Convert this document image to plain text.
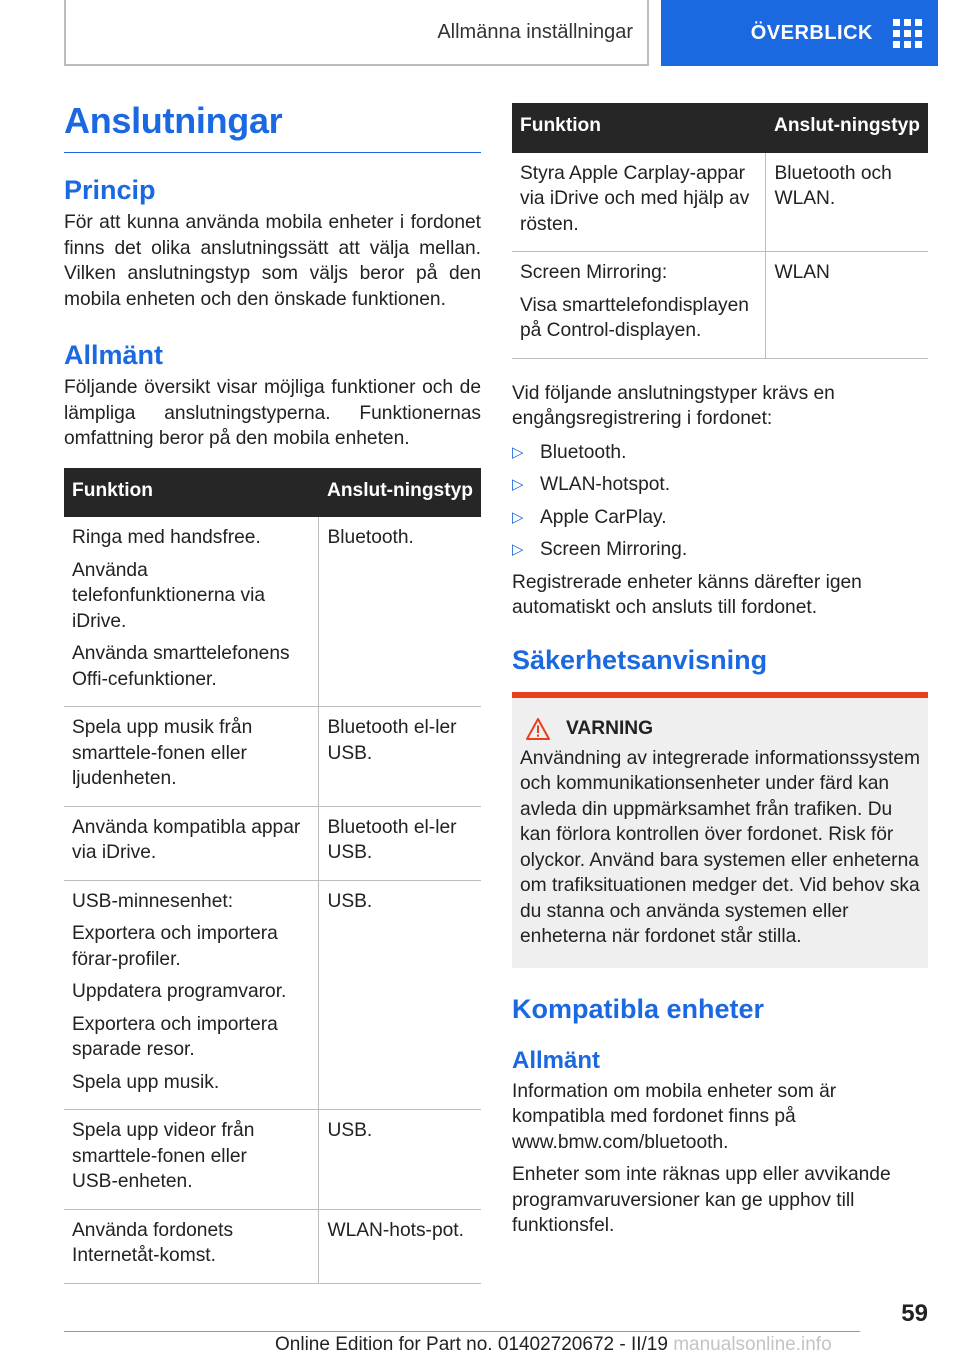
Allmänna inställningar	ÖVERBLICK
Anslutningar
Princip

För att kunna använda mobila enheter i fordonet finns det olika anslutningssätt att välja mellan. Vilken anslutningstyp som väljs beror på den mobila enheten och den önskade funktionen.

Allmänt

Följande översikt visar möjliga funktioner och de lämpliga anslutningstyperna. Funktionernas omfattning beror på den mobila enheten.

Funktion	Anslut‑ningstyp

Ringa med handsfree.
Använda telefonfunktionerna via iDrive.
Använda smarttelefonens Offi‑cefunktioner.	Bluetooth.

Spela upp musik från smarttele‑fonen eller ljudenheten.	Bluetooth el‑ler USB.

Använda kompatibla appar via iDrive.	Bluetooth el‑ler USB.

USB‑minnesenhet:
Exportera och importera förar‑profiler.
Uppdatera programvaror.
Exportera och importera sparade resor.
Spela upp musik.	USB.

Spela upp videor från smarttele‑fonen eller USB‑enheten.	USB.

Använda fordonets Internetåt‑komst.	WLAN‑hots‑pot.
Funktion	Anslut‑ningstyp

Styra Apple Carplay‑appar via iDrive och med hjälp av rösten.	Bluetooth och WLAN.

Screen Mirroring:
Visa smarttelefondisplayen på Control‑displayen.	WLAN

Vid följande anslutningstyper krävs en engångsregistrering i fordonet:

▷ Bluetooth.
▷ WLAN‑hotspot.
▷ Apple CarPlay.
▷ Screen Mirroring.

Registrerade enheter känns därefter igen automatiskt och ansluts till fordonet.

Säkerhetsanvisning
VARNING
Användning av integrerade informationssystem och kommunikationsenheter under färd kan avleda din uppmärksamhet från trafiken. Du kan förlora kontrollen över fordonet. Risk för olyckor. Använd bara systemen eller enheterna om trafiksituationen medger det. Vid behov ska du stanna och använda systemen eller enheterna när fordonet står stilla.
Kompatibla enheter
Allmänt

Information om mobila enheter som är kompatibla med fordonet finns på www.bmw.com/bluetooth.

Enheter som inte räknas upp eller avvikande programvaruversioner kan ge upphov till funktionsfel.

59
Online Edition for Part no. 01402720672 - II/19 manualsonline.info
